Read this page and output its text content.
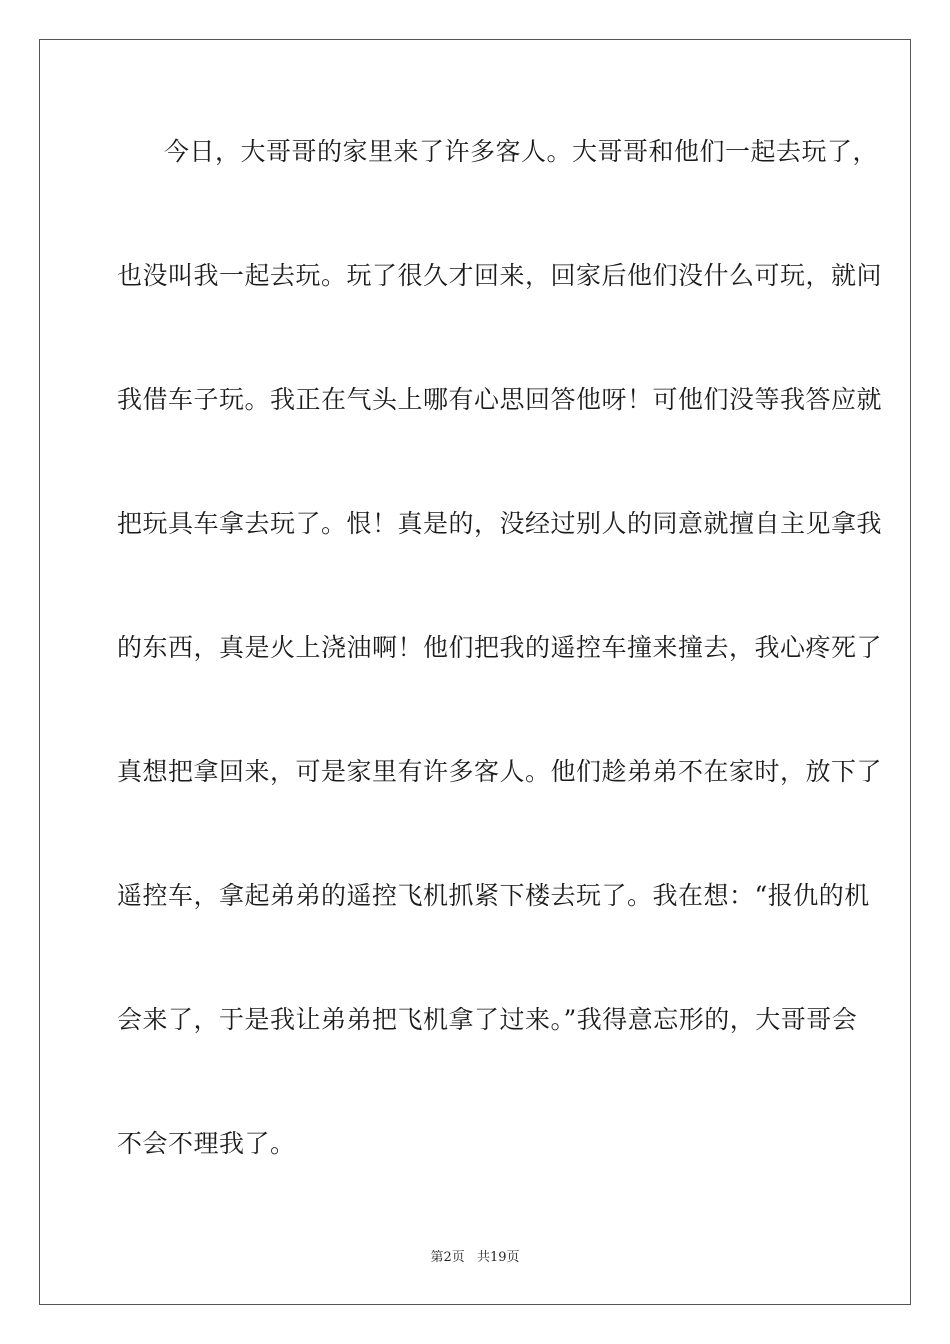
今日，大哥哥的家里来了许多客人。大哥哥和他们一起去玩了，
也没叫我一起去玩。玩了很久才回来，回家后他们没什么可玩，就问
我借车子玩。我正在气头上哪有心思回答他呀！可他们没等我答应就
把玩具车拿去玩了。恨！真是的，没经过别人的同意就擅自主见拿我
的东西，真是火上浇油啊！他们把我的遥控车撞来撞去，我心疼死了
真想把拿回来，可是家里有许多客人。他们趁弟弟不在家时，放下了
遥控车，拿起弟弟的遥控飞机抓紧下楼去玩了。我在想：“报仇的机
会来了，于是我让弟弟把飞机拿了过来。”我得意忘形的，大哥哥会
不会不理我了。
第2页 共19页
